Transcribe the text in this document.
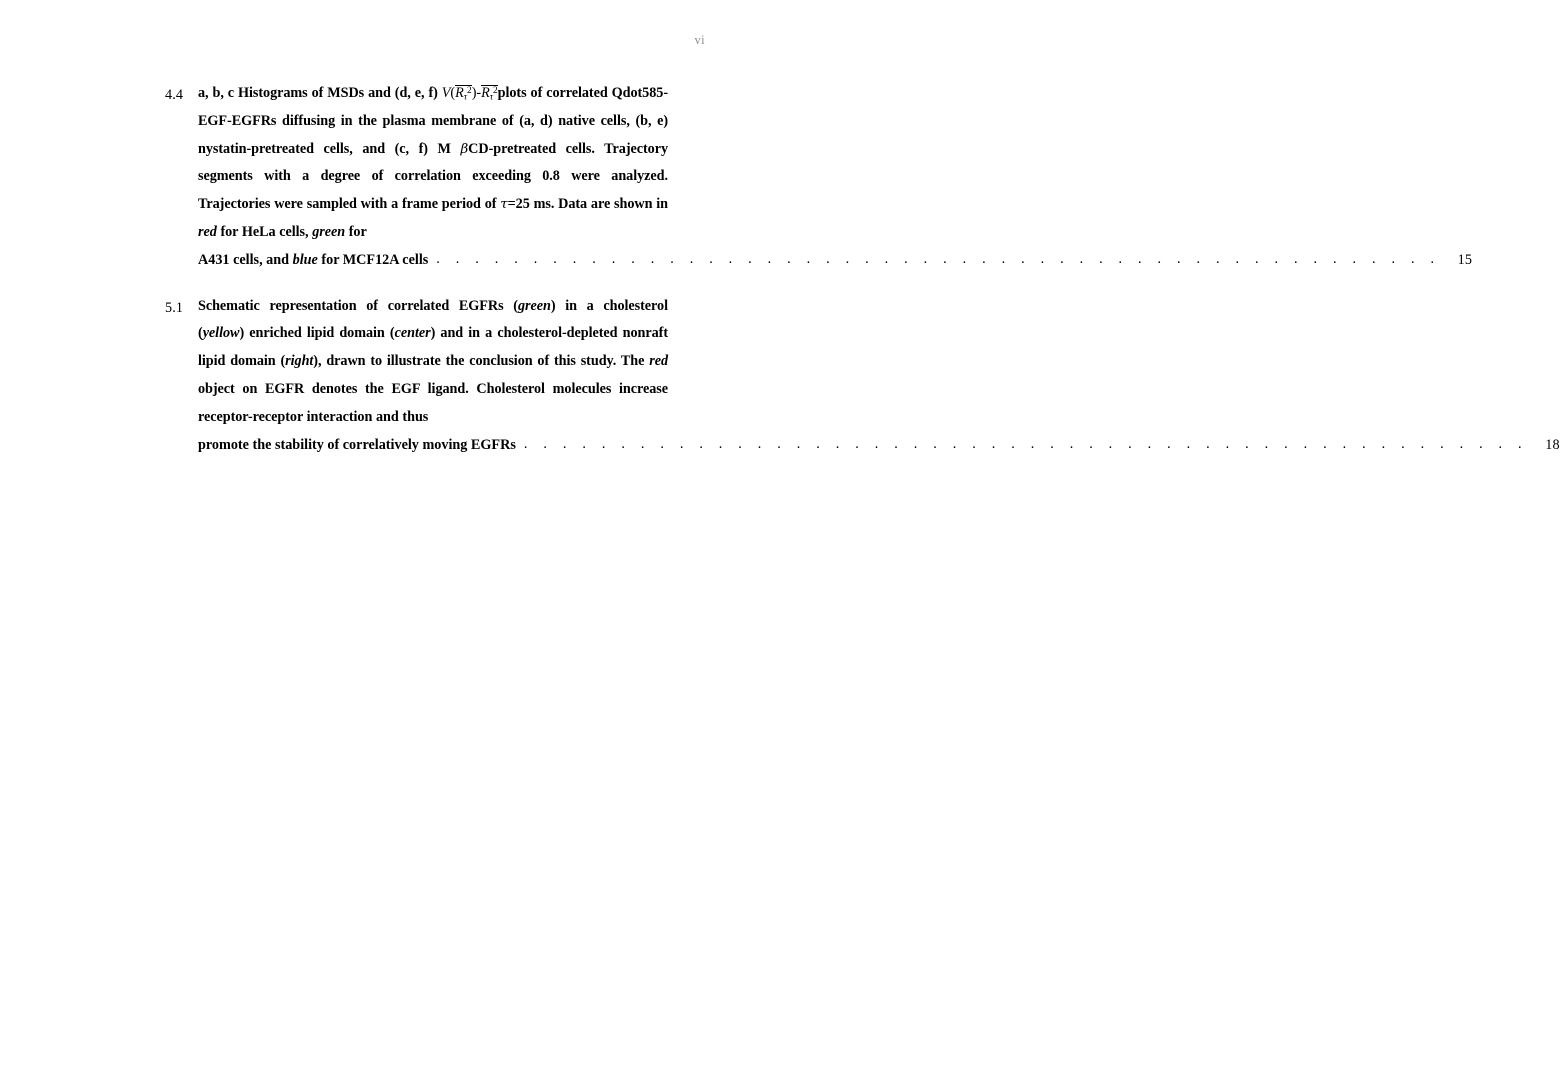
vi
4.4	a, b, c Histograms of MSDs and (d, e, f) $V(R_\tau^2)-R_\tau^2plots$ of correlated Qdot585-EGF-EGFRs diffusing in the plasma membrane of (a, d) native cells, (b, e) nystatin-pretreated cells, and (c, f) M βCD-pretreated cells. Trajectory segments with a degree of correlation exceeding 0.8 were analyzed. Trajectories were sampled with a frame period of τ=25 ms. Data are shown in red for HeLa cells, green for
A431 cells, and blue for MCF12A cells . . . . . . . . . . . . . . . . . . . . . . . . . . . . . . . . . . . . . . . . . . . . . . . . . . . .	15
5.1	Schematic representation of correlated EGFRs (green) in a cholesterol (yellow) enriched lipid domain (center) and in a cholesterol-depleted nonraft lipid domain (right), drawn to illustrate the conclusion of this study. The red object on EGFR denotes the EGF ligand. Cholesterol molecules increase receptor-receptor interaction and thus
promote the stability of correlatively moving EGFRs . . . . . . . . . . . . . . . . . . . . . . . . . . . . . . . . . . . . . . . . . . . . . . . . . . . .	18
